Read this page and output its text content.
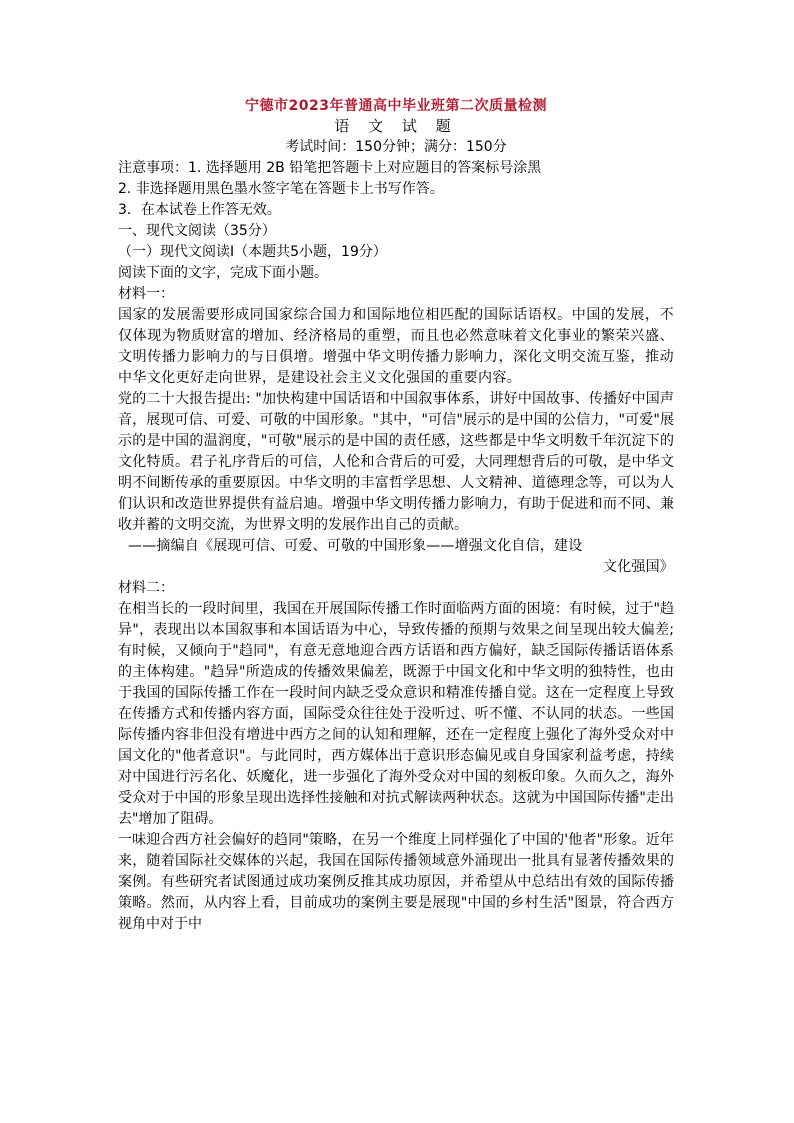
宁德市2023年普通高中毕业班第二次质量检测
语 文 试 题
考试时间：150分钟；满分：150分
注意事项：1. 选择题用 2B 铅笔把答题卡上对应题目的答案标号涂黑
2. 非选择题用黑色墨水签字笔在答题卡上书写作答。
3．在本试卷上作答无效。
一、现代文阅读（35分）
（一）现代文阅读Ⅰ（本题共5小题，19分）
阅读下面的文字，完成下面小题。
材料一：
国家的发展需要形成同国家综合国力和国际地位相匹配的国际话语权。中国的发展，不仅体现为物质财富的增加、经济格局的重塑，而且也必然意味着文化事业的繁荣兴盛、文明传播力影响力的与日俱增。增强中华文明传播力影响力，深化文明交流互鉴，推动中华文化更好走向世界，是建设社会主义文化强国的重要内容。
党的二十大报告提出: "加快构建中国话语和中国叙事体系，讲好中国故事、传播好中国声音，展现可信、可爱、可敬的中国形象。"其中，"可信"展示的是中国的公信力，"可爱"展示的是中国的温润度，"可敬"展示的是中国的责任感，这些都是中华文明数千年沉淀下的文化特质。君子礼序背后的可信，人伦和合背后的可爱，大同理想背后的可敬，是中华文明不间断传承的重要原因。中华文明的丰富哲学思想、人文精神、道德理念等，可以为人们认识和改造世界提供有益启迪。增强中华文明传播力影响力，有助于促进和而不同、兼收并蓄的文明交流，为世界文明的发展作出自己的贡献。
——摘编自《展现可信、可爱、可敬的中国形象——增强文化自信，建设
文化强国》
材料二：
在相当长的一段时间里，我国在开展国际传播工作时面临两方面的困境：有时候，过于"趋异"，表现出以本国叙事和本国话语为中心，导致传播的预期与效果之间呈现出较大偏差;有时候，又倾向于"趋同"，有意无意地迎合西方话语和西方偏好，缺乏国际传播话语体系的主体构建。"趋异"所造成的传播效果偏差，既源于中国文化和中华文明的独特性，也由于我国的国际传播工作在一段时间内缺乏受众意识和精准传播自觉。这在一定程度上导致在传播方式和传播内容方面，国际受众往往处于没听过、听不懂、不认同的状态。一些国际传播内容非但没有增进中西方之间的认知和理解，还在一定程度上强化了海外受众对中国文化的"他者意识"。与此同时，西方媒体出于意识形态偏见或自身国家利益考虑，持续对中国进行污名化、妖魔化，进一步强化了海外受众对中国的刻板印象。久而久之，海外受众对于中国的形象呈现出选择性接触和对抗式解读两种状态。这就为中国国际传播"走出去"增加了阻碍。
一味迎合西方社会偏好的趋同"策略，在另一个维度上同样强化了中国的'他者"形象。近年来，随着国际社交媒体的兴起，我国在国际传播领域意外涌现出一批具有显著传播效果的案例。有些研究者试图通过成功案例反推其成功原因，并希望从中总结出有效的国际传播策略。然而，从内容上看，目前成功的案例主要是展现"中国的乡村生活"图景，符合西方视角中对于中
